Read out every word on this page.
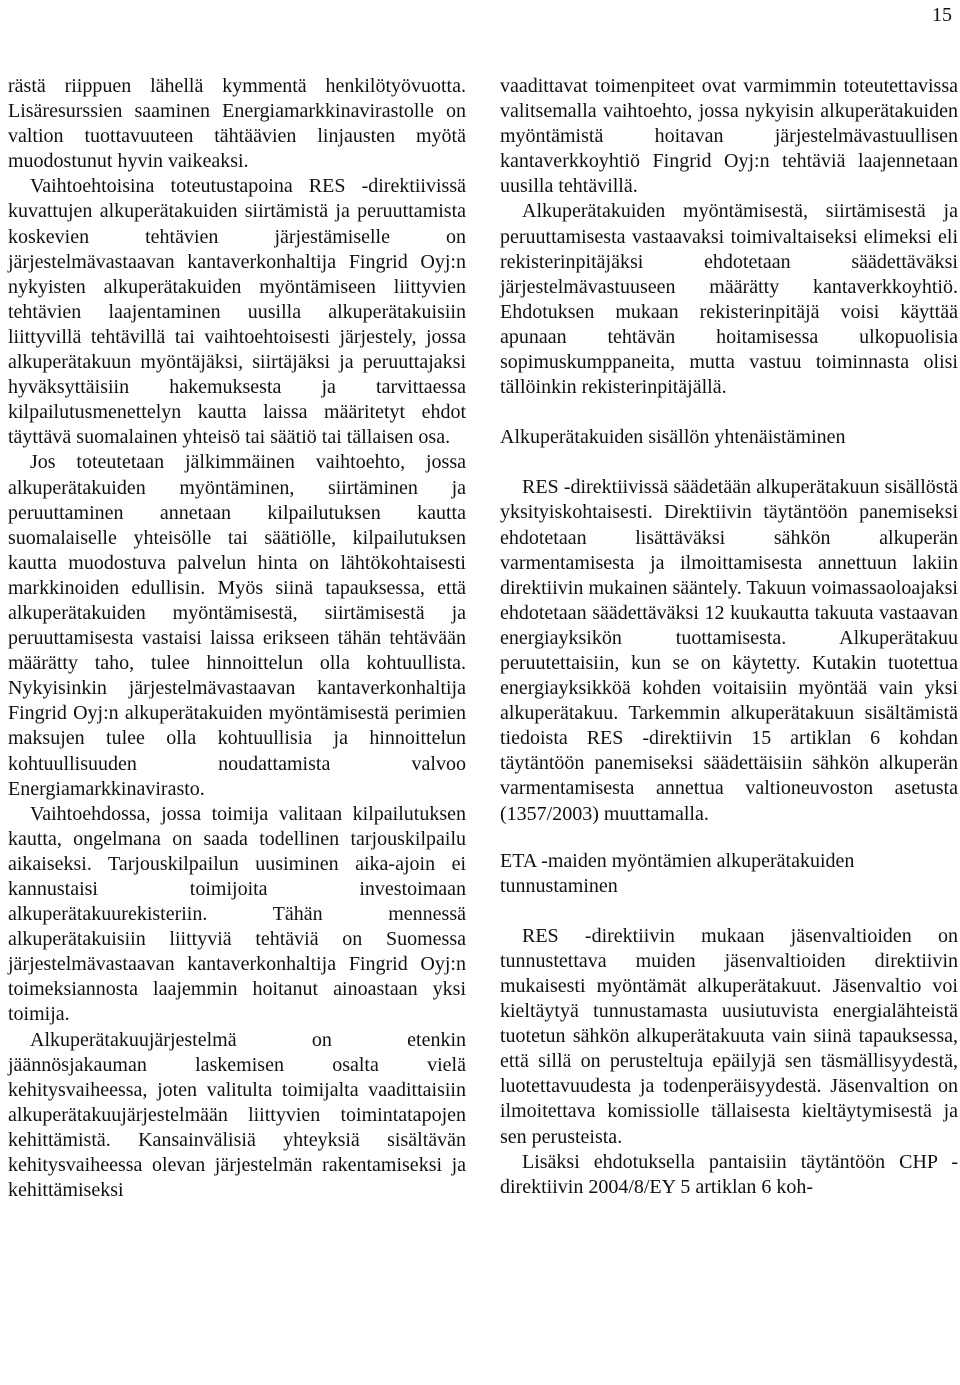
15

rästä riippuen lähellä kymmentä henkilötyövuotta. Lisäresurssien saaminen Energiamarkkinavirastolle on valtion tuottavuuteen tähtäävien linjausten myötä muodostunut hyvin vaikeaksi.

Vaihtoehtoisina toteutustapoina RES -direktiivissä kuvattujen alkuperätakuiden siirtämistä ja peruuttamista koskevien tehtävien järjestämiselle on järjestelmävastaavan kantaverkonhaltija Fingrid Oyj:n nykyisten alkuperätakuiden myöntämiseen liittyvien tehtävien laajentaminen uusilla alkuperätakuisiin liittyvillä tehtävillä tai vaihtoehtoisesti järjestely, jossa alkuperätakuun myöntäjäksi, siirtäjäksi ja peruuttajaksi hyväksyttäisiin hakemuksesta ja tarvittaessa kilpailutusmenettelyn kautta laissa määritetyt ehdot täyttävä suomalainen yhteisö tai säätiö tai tällaisen osa.

Jos toteutetaan jälkimmäinen vaihtoehto, jossa alkuperätakuiden myöntäminen, siirtäminen ja peruuttaminen annetaan kilpailutuksen kautta suomalaiselle yhteisölle tai säätiölle, kilpailutuksen kautta muodostuva palvelun hinta on lähtökohtaisesti markkinoiden edullisin. Myös siinä tapauksessa, että alkuperätakuiden myöntämisestä, siirtämisestä ja peruuttamisesta vastaisi laissa erikseen tähän tehtävään määrätty taho, tulee hinnoittelun olla kohtuullista. Nykyisinkin järjestelmävastaavan kantaverkonhaltija Fingrid Oyj:n alkuperätakuiden myöntämisestä perimien maksujen tulee olla kohtuullisia ja hinnoittelun kohtuullisuuden noudattamista valvoo Energiamarkkinavirasto.

Vaihtoehdossa, jossa toimija valitaan kilpailutuksen kautta, ongelmana on saada todellinen tarjouskilpailu aikaiseksi. Tarjouskilpailun uusiminen aika-ajoin ei kannustaisi toimijoita investoimaan alkuperätakuurekisteriin. Tähän mennessä alkuperätakuisiin liittyviä tehtäviä on Suomessa järjestelmävastaavan kantaverkonhaltija Fingrid Oyj:n toimeksiannosta laajemmin hoitanut ainoastaan yksi toimija.

Alkuperätakuujärjestelmä on etenkin jäännösjakauman laskemisen osalta vielä kehitysvaiheessa, joten valitulta toimijalta vaadittaisiin alkuperätakuujärjestelmään liittyvien toimintatapojen kehittämistä. Kansainvälisiä yhteyksiä sisältävän kehitysvaiheessa olevan järjestelmän rakentamiseksi ja kehittämiseksi

vaadittavat toimenpiteet ovat varmimmin toteutettavissa valitsemalla vaihtoehto, jossa nykyisin alkuperätakuiden myöntämistä hoitavan järjestelmävastuullisen kantaverkkoyhtiö Fingrid Oyj:n tehtäviä laajennetaan uusilla tehtävillä.

Alkuperätakuiden myöntämisestä, siirtämisestä ja peruuttamisesta vastaavaksi toimivaltaiseksi elimeksi eli rekisterinpitäjäksi ehdotetaan säädettäväksi järjestelmävastuuseen määrätty kantaverkkoyhtiö. Ehdotuksen mukaan rekisterinpitäjä voisi käyttää apunaan tehtävän hoitamisessa ulkopuolisia sopimuskumppaneita, mutta vastuu toiminnasta olisi tällöinkin rekisterinpitäjällä.

Alkuperätakuiden sisällön yhtenäistäminen

RES -direktiivissä säädetään alkuperätakuun sisällöstä yksityiskohtaisesti. Direktiivin täytäntöön panemiseksi ehdotetaan lisättäväksi sähkön alkuperän varmentamisesta ja ilmoittamisesta annettuun lakiin direktiivin mukainen sääntely. Takuun voimassaoloajaksi ehdotetaan säädettäväksi 12 kuukautta takuuta vastaavan energiayksikön tuottamisesta. Alkuperätakuu peruutettaisiin, kun se on käytetty. Kutakin tuotettua energiayksikköä kohden voitaisiin myöntää vain yksi alkuperätakuu. Tarkemmin alkuperätakuun sisältämistä tiedoista RES -direktiivin 15 artiklan 6 kohdan täytäntöön panemiseksi säädettäisiin sähkön alkuperän varmentamisesta annettua valtioneuvoston asetusta (1357/2003) muuttamalla.

ETA -maiden myöntämien alkuperätakuiden tunnustaminen

RES -direktiivin mukaan jäsenvaltioiden on tunnustettava muiden jäsenvaltioiden direktiivin mukaisesti myöntämät alkuperätakuut. Jäsenvaltio voi kieltäytyä tunnustamasta uusiutuvista energialähteistä tuotetun sähkön alkuperätakuuta vain siinä tapauksessa, että sillä on perusteltuja epäilyjä sen täsmällisyydestä, luotettavuudesta ja todenperäisyydestä. Jäsenvaltion on ilmoitettava komissiolle tällaisesta kieltäytymisestä ja sen perusteista.

Lisäksi ehdotuksella pantaisiin täytäntöön CHP -direktiivin 2004/8/EY 5 artiklan 6 koh-
